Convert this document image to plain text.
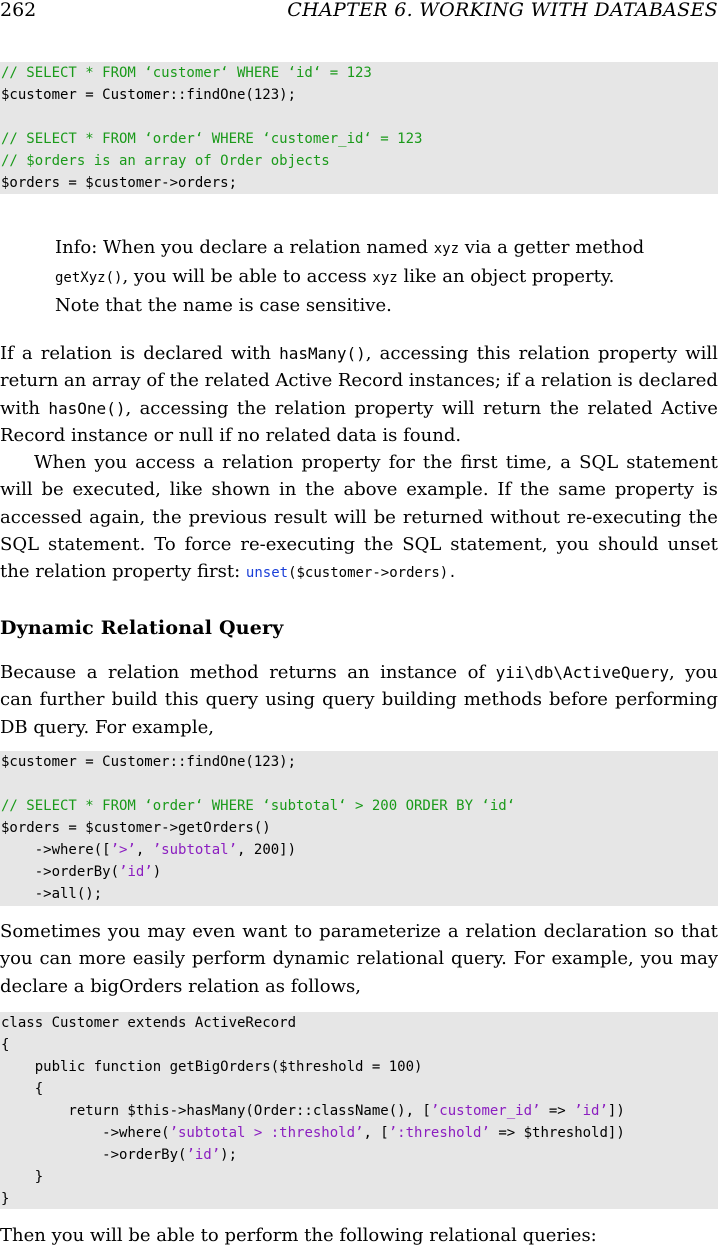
262	CHAPTER 6. WORKING WITH DATABASES
// SELECT * FROM ‘customer‘ WHERE ‘id‘ = 123
$customer = Customer::findOne(123);
// SELECT * FROM ‘order‘ WHERE ‘customer_id‘ = 123
// $orders is an array of Order objects
$orders = $customer->orders;
Info: When you declare a relation named xyz via a getter method
getXyz(), you will be able to access xyz like an object property.
Note that the name is case sensitive.
If a relation is declared with hasMany(), accessing this relation property will
return an array of the related Active Record instances; if a relation is declared
with hasOne(), accessing the relation property will return the related Active
Record
instance
or
null
if
no
related
data
is
found.
When you access a relation property for the first time, a SQL statement
will be executed, like shown in the above example. If the same property is
accessed again, the previous result will be returned without re-executing the
SQL statement. To force re-executing the SQL statement, you should unset
the
relation
property
first:
unset($customer->orders).
Dynamic Relational Query
Because a relation method returns an instance of yii\db\ActiveQuery, you
can further build this query using query building methods before performing
DB
query.
For
example,
$customer = Customer::findOne(123);
// SELECT * FROM ‘order‘ WHERE ‘subtotal‘ > 200 ORDER BY ‘id‘
$orders = $customer->getOrders()
->where([’>’, ’subtotal’, 200])
->orderBy(’id’)
->all();
Sometimes you may even want to parameterize a relation declaration so that
you can more easily perform dynamic relational query. For example, you may
declare
a
bigOrders
relation
as
follows,
class Customer extends ActiveRecord
{
public function getBigOrders($threshold = 100)
{
return $this->hasMany(Order::className(), [’customer_id’ => ’id’])
->where(’subtotal > :threshold’, [’:threshold’ => $threshold])
->orderBy(’id’);
}
}
Then
you
will
be
able
to
perform
the
following
relational
queries:
